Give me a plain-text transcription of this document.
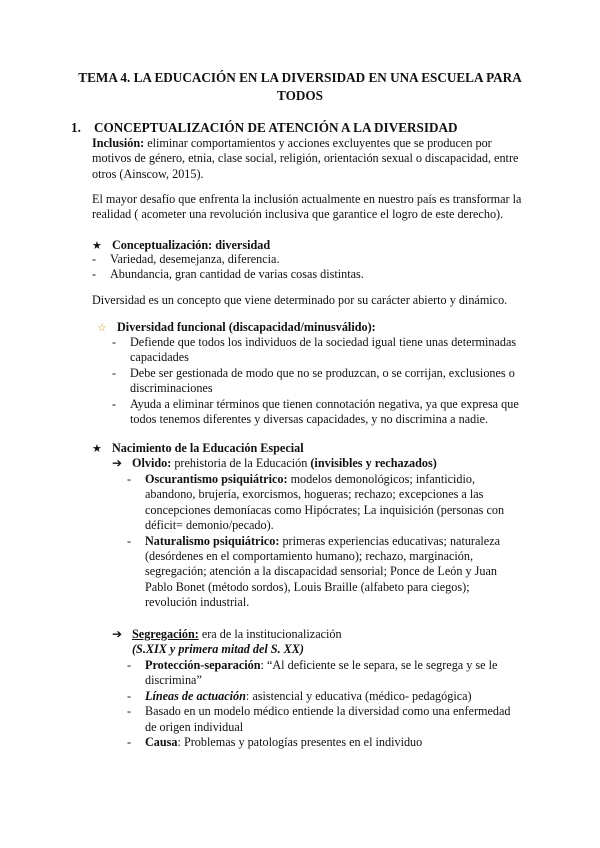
TEMA 4. LA EDUCACIÓN EN LA DIVERSIDAD EN UNA ESCUELA PARA TODOS
1. CONCEPTUALIZACIÓN DE ATENCIÓN A LA DIVERSIDAD
Inclusión: eliminar comportamientos y acciones excluyentes que se producen por motivos de género, etnia, clase social, religión, orientación sexual o discapacidad, entre otros (Ainscow, 2015).
El mayor desafío que enfrenta la inclusión actualmente en nuestro país es transformar la realidad ( acometer una revolución inclusiva que garantice el logro de este derecho).
★ Conceptualización: diversidad
- Variedad, desemejanza, diferencia.
- Abundancia, gran cantidad de varias cosas distintas.
Diversidad es un concepto que viene determinado por su carácter abierto y dinámico.
☆ Diversidad funcional (discapacidad/minusválido):
- Defiende que todos los individuos de la sociedad igual tiene unas determinadas capacidades
- Debe ser gestionada de modo que no se produzcan, o se corrijan, exclusiones o discriminaciones
- Ayuda a eliminar términos que tienen connotación negativa, ya que expresa que todos tenemos diferentes y diversas capacidades, y no discrimina a nadie.
★ Nacimiento de la Educación Especial
➔ Olvido: prehistoria de la Educación (invisibles y rechazados)
- Oscurantismo psiquiátrico: modelos demonológicos; infanticidio, abandono, brujería, exorcismos, hogueras; rechazo; excepciones a las concepciones demoníacas como Hipócrates; La inquisición (personas con déficit= demonio/pecado).
- Naturalismo psiquiátrico: primeras experiencias educativas; naturaleza (desórdenes en el comportamiento humano); rechazo, marginación, segregación; atención a la discapacidad sensorial; Ponce de León y Juan Pablo Bonet (método sordos), Louis Braille (alfabeto para ciegos); revolución industrial.
➔ Segregación: era de la institucionalización
(S.XIX y primera mitad del S. XX)
- Protección-separación: “Al deficiente se le separa, se le segrega y se le discrimina”
- Líneas de actuación: asistencial y educativa (médico- pedagógica)
- Basado en un modelo médico entiende la diversidad como una enfermedad de origen individual
- Causa: Problemas y patologías presentes en el individuo
